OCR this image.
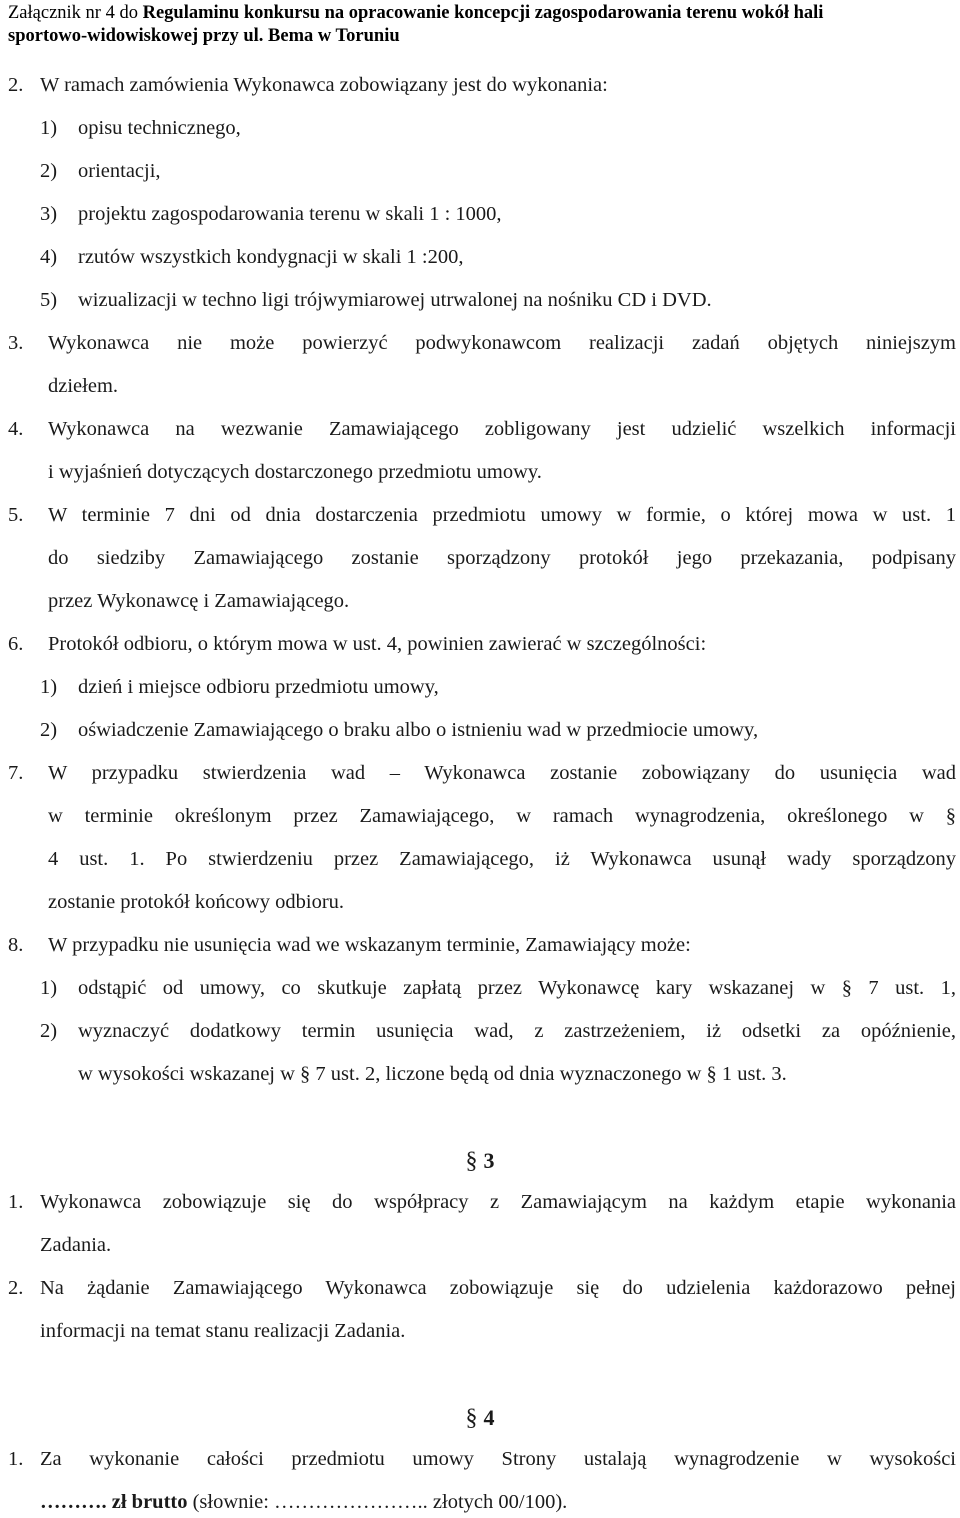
Załącznik nr 4 do Regulaminu konkursu na opracowanie koncepcji zagospodarowania terenu wokół hali
sportowo-widowiskowej przy ul. Bema w Toruniu
2. W ramach zamówienia Wykonawca zobowiązany jest do wykonania:
1) opisu technicznego,
2) orientacji,
3) projektu zagospodarowania terenu w skali 1 : 1000,
4) rzutów wszystkich kondygnacji w skali 1 :200,
5) wizualizacji w techno ligi trójwymiarowej utrwalonej na nośniku CD i DVD.
3. Wykonawca nie może powierzyć podwykonawcom realizacji zadań objętych niniejszym
dziełem.
4. Wykonawca na wezwanie Zamawiającego zobligowany jest udzielić wszelkich informacji
i wyjaśnień dotyczących dostarczonego przedmiotu umowy.
5. W terminie 7 dni od dnia dostarczenia przedmiotu umowy w formie, o której mowa w ust. 1
do siedziby Zamawiającego zostanie sporządzony protokół jego przekazania, podpisany
przez Wykonawcę i Zamawiającego.
6. Protokół odbioru, o którym mowa w ust. 4, powinien zawierać w szczególności:
1) dzień i miejsce odbioru przedmiotu umowy,
2) oświadczenie Zamawiającego o braku albo o istnieniu wad w przedmiocie umowy,
7. W przypadku stwierdzenia wad – Wykonawca zostanie zobowiązany do usunięcia wad
w terminie określonym przez Zamawiającego, w ramach wynagrodzenia, określonego w §
4 ust. 1. Po stwierdzeniu przez Zamawiającego, iż Wykonawca usunął wady sporządzony
zostanie protokół końcowy odbioru.
8. W przypadku nie usunięcia wad we wskazanym terminie, Zamawiający może:
1) odstąpić od umowy, co skutkuje zapłatą przez Wykonawcę kary wskazanej w § 7 ust. 1,
2) wyznaczyć dodatkowy termin usunięcia wad, z zastrzeżeniem, iż odsetki za opóźnienie,
w wysokości wskazanej w § 7 ust. 2, liczone będą od dnia wyznaczonego w § 1 ust. 3.
§ 3
1. Wykonawca zobowiązuje się do współpracy z Zamawiającym na każdym etapie wykonania
Zadania.
2. Na żądanie Zamawiającego Wykonawca zobowiązuje się do udzielenia każdorazowo pełnej
informacji na temat stanu realizacji Zadania.
§ 4
1. Za wykonanie całości przedmiotu umowy Strony ustalają wynagrodzenie w wysokości
………. zł brutto (słownie: ………………….. złotych 00/100).
